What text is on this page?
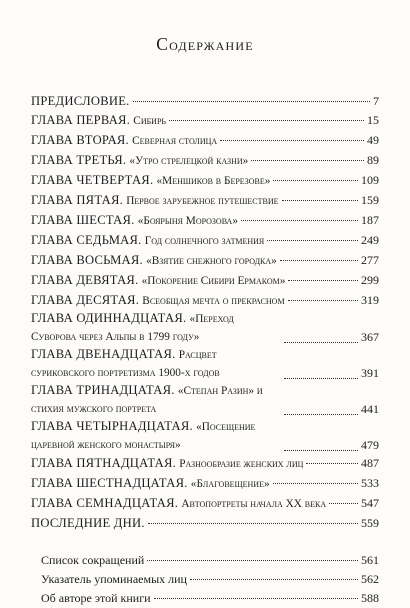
Содержание
ПРЕДИСЛОВИЕ.	7
ГЛАВА ПЕРВАЯ. Сибирь	15
ГЛАВА ВТОРАЯ. Северная столица	49
ГЛАВА ТРЕТЬЯ. «Утро стрелецкой казни»	89
ГЛАВА ЧЕТВЕРТАЯ. «Меншиков в Березове»	109
ГЛАВА ПЯТАЯ. Первое зарубежное путешествие	159
ГЛАВА ШЕСТАЯ. «Боярыня Морозова»	187
ГЛАВА СЕДЬМАЯ. Год солнечного затмения	249
ГЛАВА ВОСЬМАЯ. «Взятие снежного городка»	277
ГЛАВА ДЕВЯТАЯ. «Покорение Сибири Ермаком»	299
ГЛАВА ДЕСЯТАЯ. Всеобщая мечта о прекрасном	319
ГЛАВА ОДИННАДЦАТАЯ. «Переход Суворова через Альпы в 1799 году»	367
ГЛАВА ДВЕНАДЦАТАЯ. Расцвет суриковского портретизма 1900-х годов	391
ГЛАВА ТРИНАДЦАТАЯ. «Степан Разин» и стихия мужского портрета	441
ГЛАВА ЧЕТЫРНАДЦАТАЯ. «Посещение царевной женского монастыря»	479
ГЛАВА ПЯТНАДЦАТАЯ. Разнообразие женских лиц	487
ГЛАВА ШЕСТНАДЦАТАЯ. «Благовещение»	533
ГЛАВА СЕМНАДЦАТАЯ. Автопортреты начала XX века	547
ПОСЛЕДНИЕ ДНИ.	559
Список сокращений	561
Указатель упоминаемых лиц	562
Об авторе этой книги	588
